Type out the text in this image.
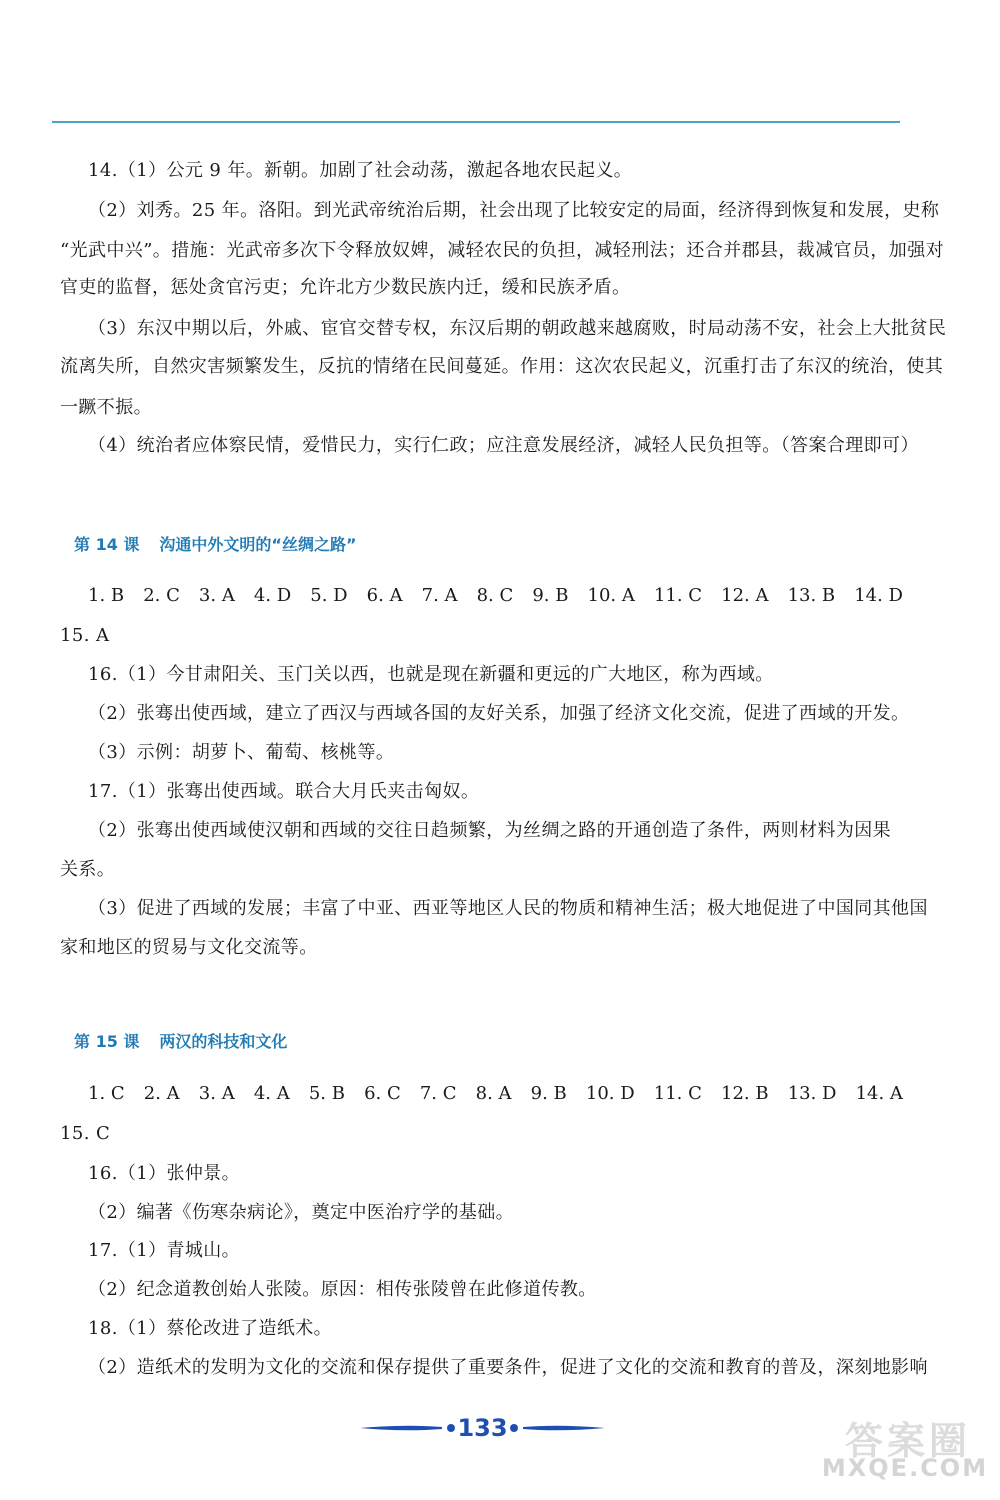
14.（1）公元 9 年。新朝。加剧了社会动荡，激起各地农民起义。
（2）刘秀。25 年。洛阳。到光武帝统治后期，社会出现了比较安定的局面，经济得到恢复和发展，史称
“光武中兴”。措施：光武帝多次下令释放奴婢，减轻农民的负担，减轻刑法；还合并郡县，裁减官员，加强对
官吏的监督，惩处贪官污吏；允许北方少数民族内迁，缓和民族矛盾。
（3）东汉中期以后，外戚、宦官交替专权，东汉后期的朝政越来越腐败，时局动荡不安，社会上大批贫民
流离失所，自然灾害频繁发生，反抗的情绪在民间蔓延。作用：这次农民起义，沉重打击了东汉的统治，使其
一蹶不振。
（4）统治者应体察民情，爱惜民力，实行仁政；应注意发展经济，减轻人民负担等。（答案合理即可）
第 14 课 沟通中外文明的“丝绸之路”
1. B 2. C 3. A 4. D 5. D 6. A 7. A 8. C 9. B 10. A 11. C 12. A 13. B 14. D
15. A
16.（1）今甘肃阳关、玉门关以西，也就是现在新疆和更远的广大地区，称为西域。
（2）张骞出使西域，建立了西汉与西域各国的友好关系，加强了经济文化交流，促进了西域的开发。
（3）示例：胡萝卜、葡萄、核桃等。
17.（1）张骞出使西域。联合大月氏夹击匈奴。
（2）张骞出使西域使汉朝和西域的交往日趋频繁，为丝绸之路的开通创造了条件，两则材料为因果
关系。
（3）促进了西域的发展；丰富了中亚、西亚等地区人民的物质和精神生活；极大地促进了中国同其他国
家和地区的贸易与文化交流等。
第 15 课 两汉的科技和文化
1. C 2. A 3. A 4. A 5. B 6. C 7. C 8. A 9. B 10. D 11. C 12. B 13. D 14. A
15. C
16.（1）张仲景。
（2）编著《伤寒杂病论》，奠定中医治疗学的基础。
17.（1）青城山。
（2）纪念道教创始人张陵。原因：相传张陵曾在此修道传教。
18.（1）蔡伦改进了造纸术。
（2）造纸术的发明为文化的交流和保存提供了重要条件，促进了文化的交流和教育的普及，深刻地影响
133	答案圈
MXQE.COM
